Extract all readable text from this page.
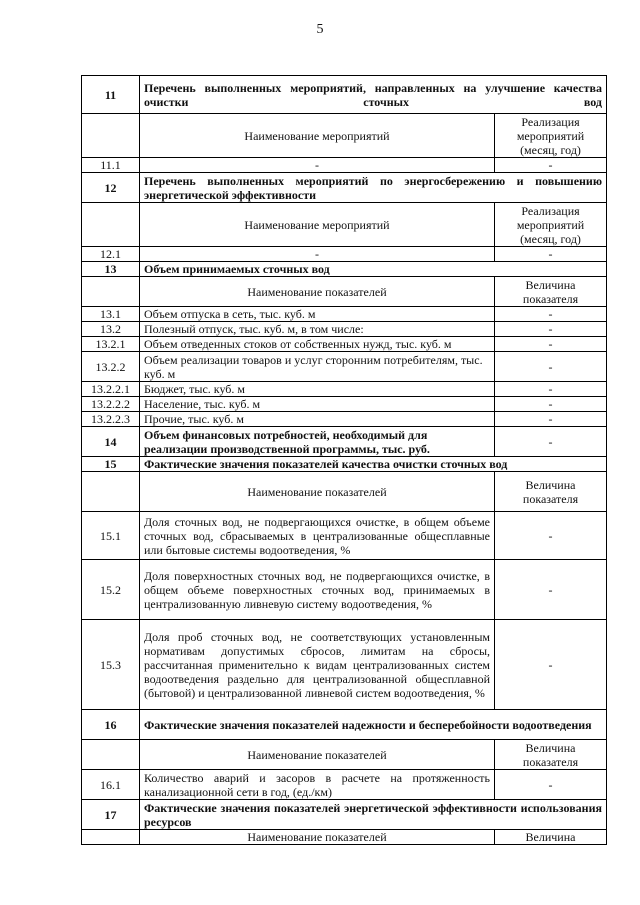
5
11	Перечень выполненных мероприятий, направленных на улучшение качества очистки сточных вод	
	Наименование мероприятий	Реализация мероприятий (месяц, год)
11.1	-	-
12	Перечень выполненных мероприятий по энергосбережению и повышению энергетической эффективности	
	Наименование мероприятий	Реализация мероприятий (месяц, год)
12.1	-	-
13	Объем принимаемых сточных вод	
	Наименование показателей	Величина показателя
13.1	Объем отпуска в сеть, тыс. куб. м	-
13.2	Полезный отпуск, тыс. куб. м, в том числе:	-
13.2.1	Объем отведенных стоков от собственных нужд, тыс. куб. м	-
13.2.2	Объем реализации товаров и услуг сторонним потребителям, тыс. куб. м	-
13.2.2.1	Бюджет, тыс. куб. м	-
13.2.2.2	Население, тыс. куб. м	-
13.2.2.3	Прочие, тыс. куб. м	-
14	Объем финансовых потребностей, необходимый для реализации производственной программы, тыс. руб.	-
15	Фактические значения показателей качества очистки сточных вод	
	Наименование показателей	Величина показателя
15.1	Доля сточных вод, не подвергающихся очистке, в общем объеме сточных вод, сбрасываемых в централизованные общесплавные или бытовые системы водоотведения, %	-
15.2	Доля поверхностных сточных вод, не подвергающихся очистке, в общем объеме поверхностных сточных вод, принимаемых в централизованную ливневую систему водоотведения, %	-
15.3	Доля проб сточных вод, не соответствующих установленным нормативам допустимых сбросов, лимитам на сбросы, рассчитанная применительно к видам централизованных систем водоотведения раздельно для централизованной общесплавной (бытовой) и централизованной ливневой систем водоотведения, %	-
16	Фактические значения показателей надежности и бесперебойности водоотведения	
	Наименование показателей	Величина показателя
16.1	Количество аварий и засоров в расчете на протяженность канализационной сети в год, (ед./км)	-
17	Фактические значения показателей энергетической эффективности использования ресурсов	
	Наименование показателей	Величина
